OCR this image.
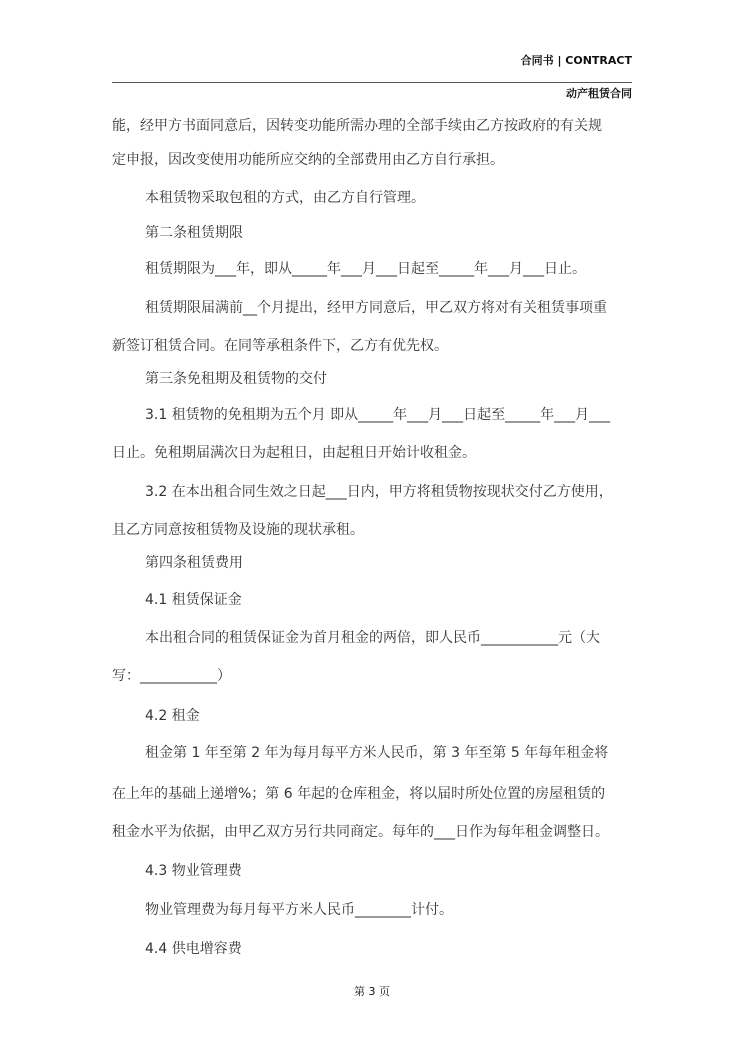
合同书 | CONTRACT
动产租赁合同
能，经甲方书面同意后，因转变功能所需办理的全部手续由乙方按政府的有关规
定申报，因改变使用功能所应交纳的全部费用由乙方自行承担。
本租赁物采取包租的方式，由乙方自行管理。
第二条租赁期限
租赁期限为___年，即从_____年___月___日起至_____年___月___日止。
租赁期限届满前__个月提出，经甲方同意后，甲乙双方将对有关租赁事项重
新签订租赁合同。在同等承租条件下，乙方有优先权。
第三条免租期及租赁物的交付
3.1 租赁物的免租期为五个月 即从_____年___月___日起至_____年___月___
日止。免租期届满次日为起租日，由起租日开始计收租金。
3.2 在本出租合同生效之日起___日内，甲方将租赁物按现状交付乙方使用，
且乙方同意按租赁物及设施的现状承租。
第四条租赁费用
4.1 租赁保证金
本出租合同的租赁保证金为首月租金的两倍，即人民币___________元（大
写：___________）
4.2 租金
租金第 1 年至第 2 年为每月每平方米人民币，第 3 年至第 5 年每年租金将
在上年的基础上递增%；第 6 年起的仓库租金，将以届时所处位置的房屋租赁的
租金水平为依据，由甲乙双方另行共同商定。每年的___日作为每年租金调整日。
4.3 物业管理费
物业管理费为每月每平方米人民币________计付。
4.4 供电增容费
第 3 页
